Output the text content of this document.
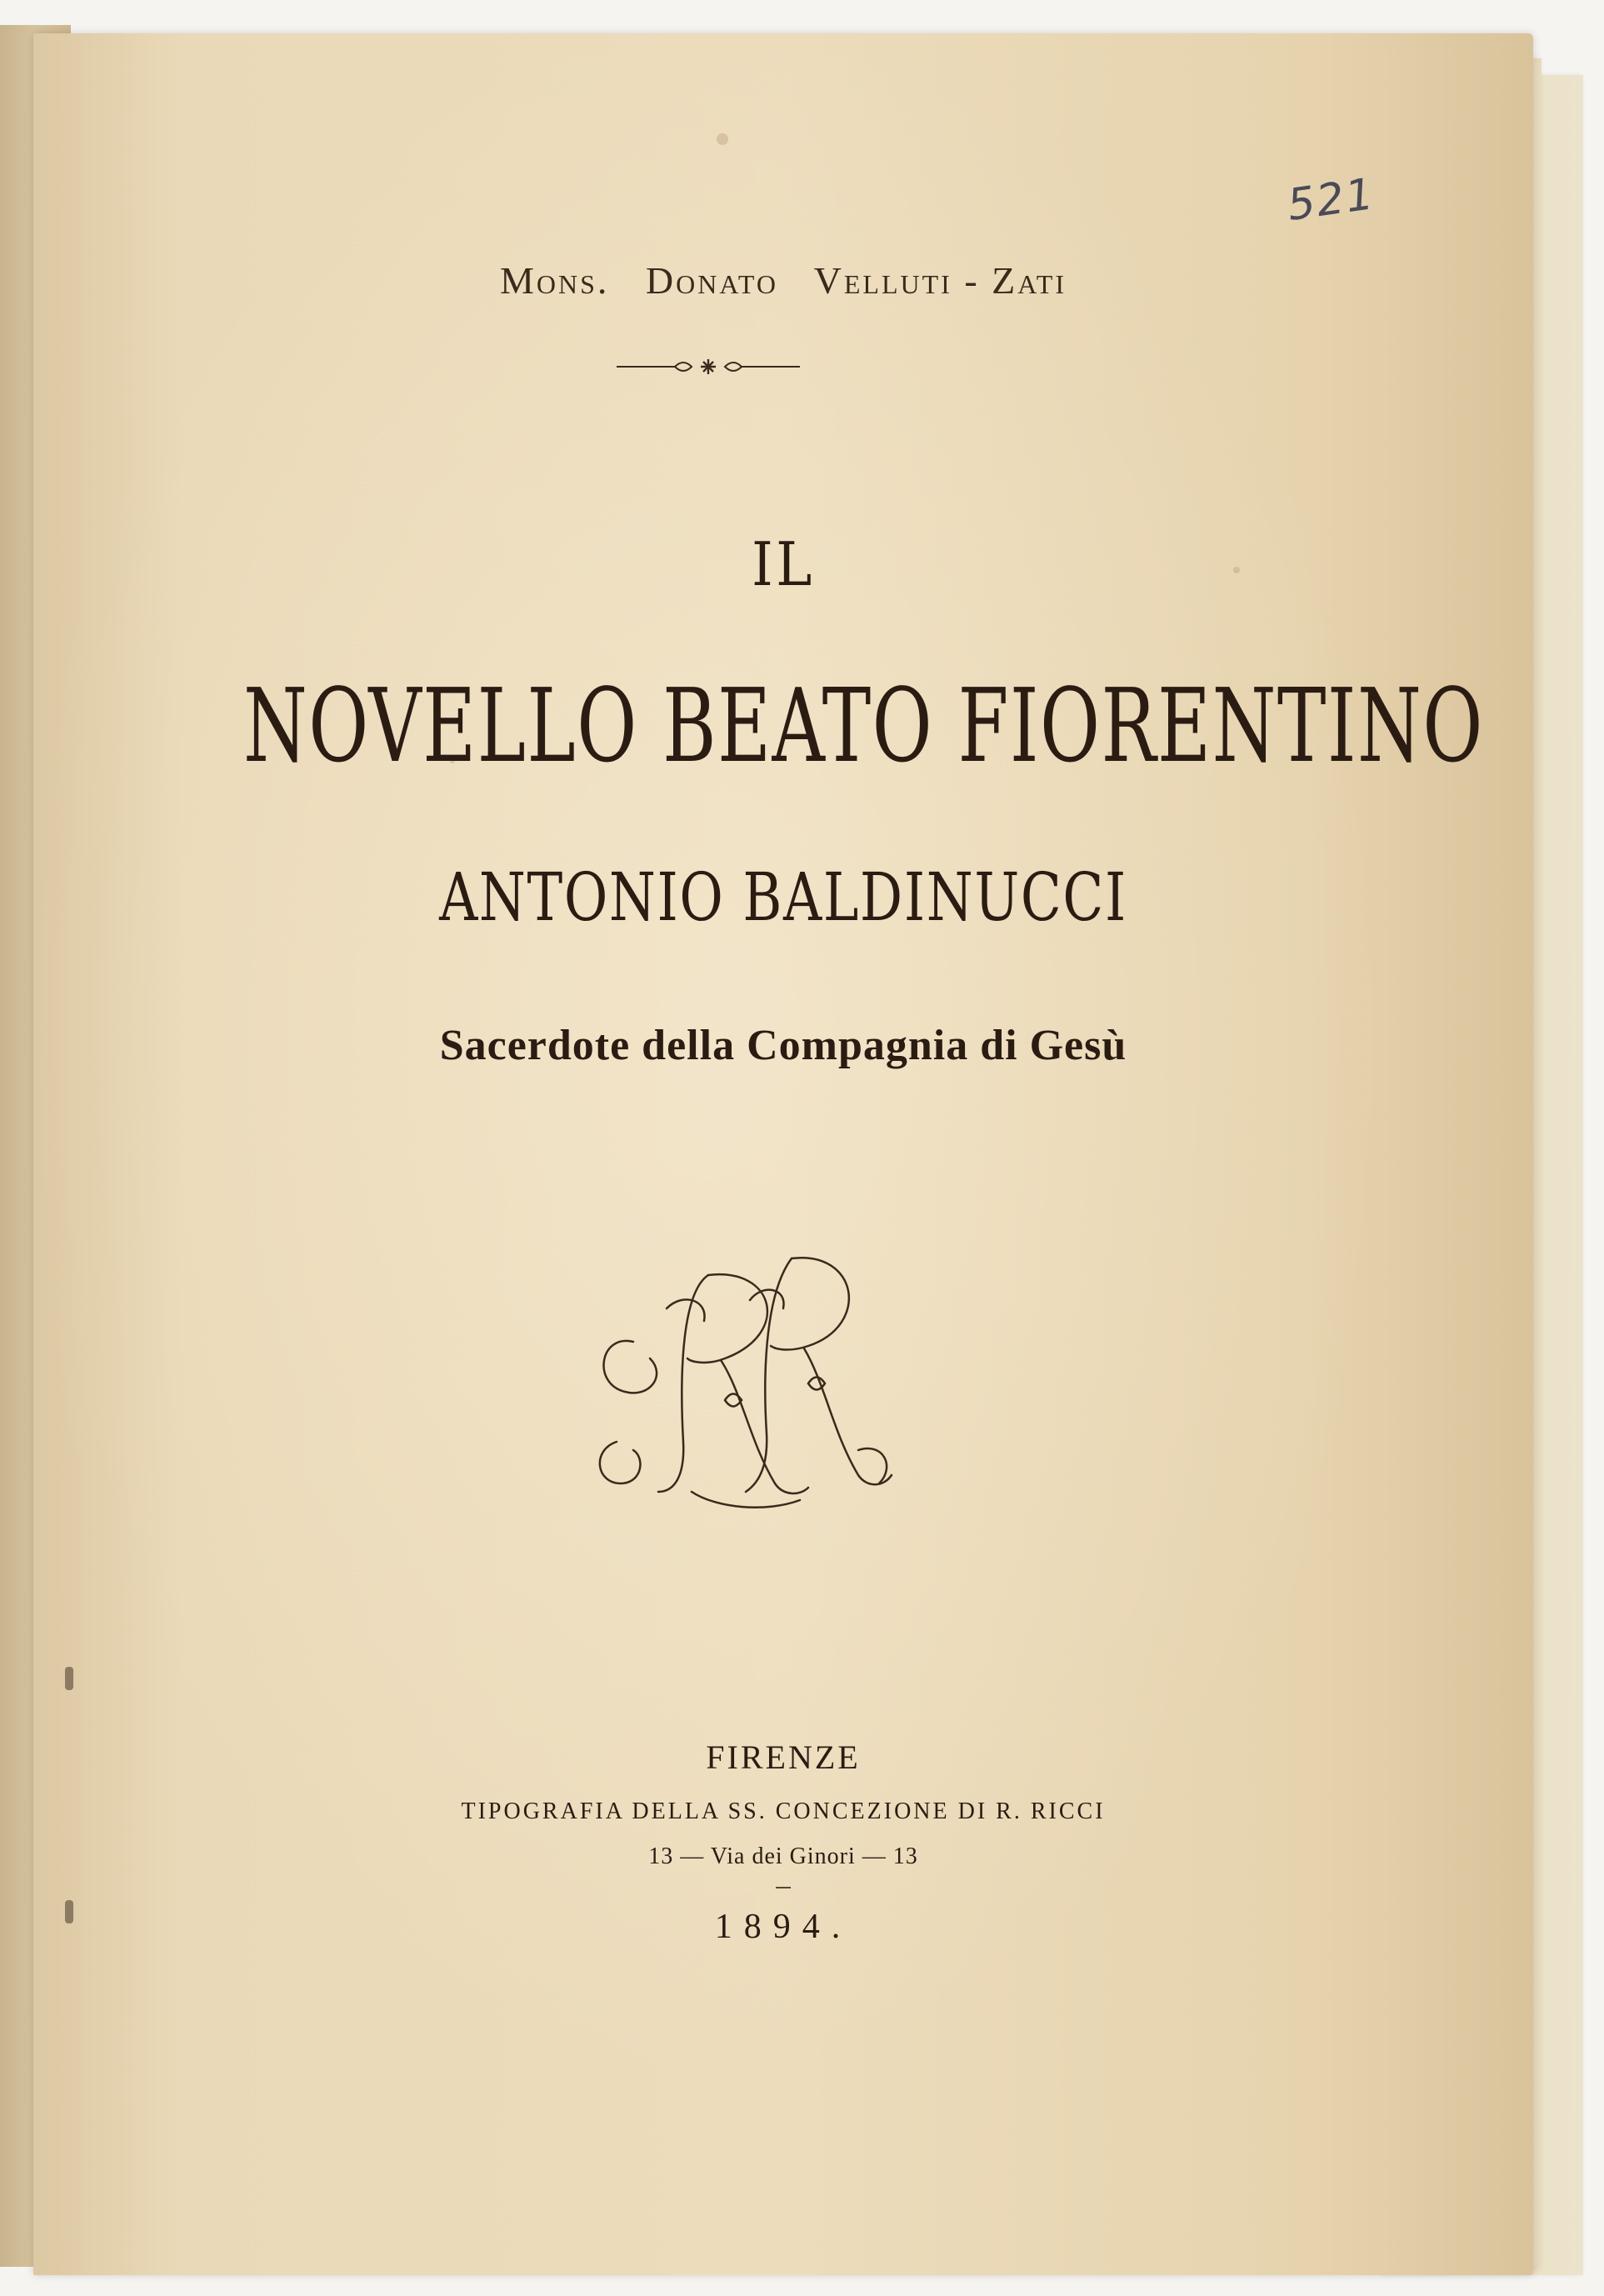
Mons. Donato Velluti - Zati
IL
NOVELLO BEATO FIORENTINO
ANTONIO BALDINUCCI
Sacerdote della Compagnia di Gesù
FIRENZE
TIPOGRAFIA DELLA SS. CONCEZIONE DI R. RICCI
13 — Via dei Ginori — 13
1894.
521
